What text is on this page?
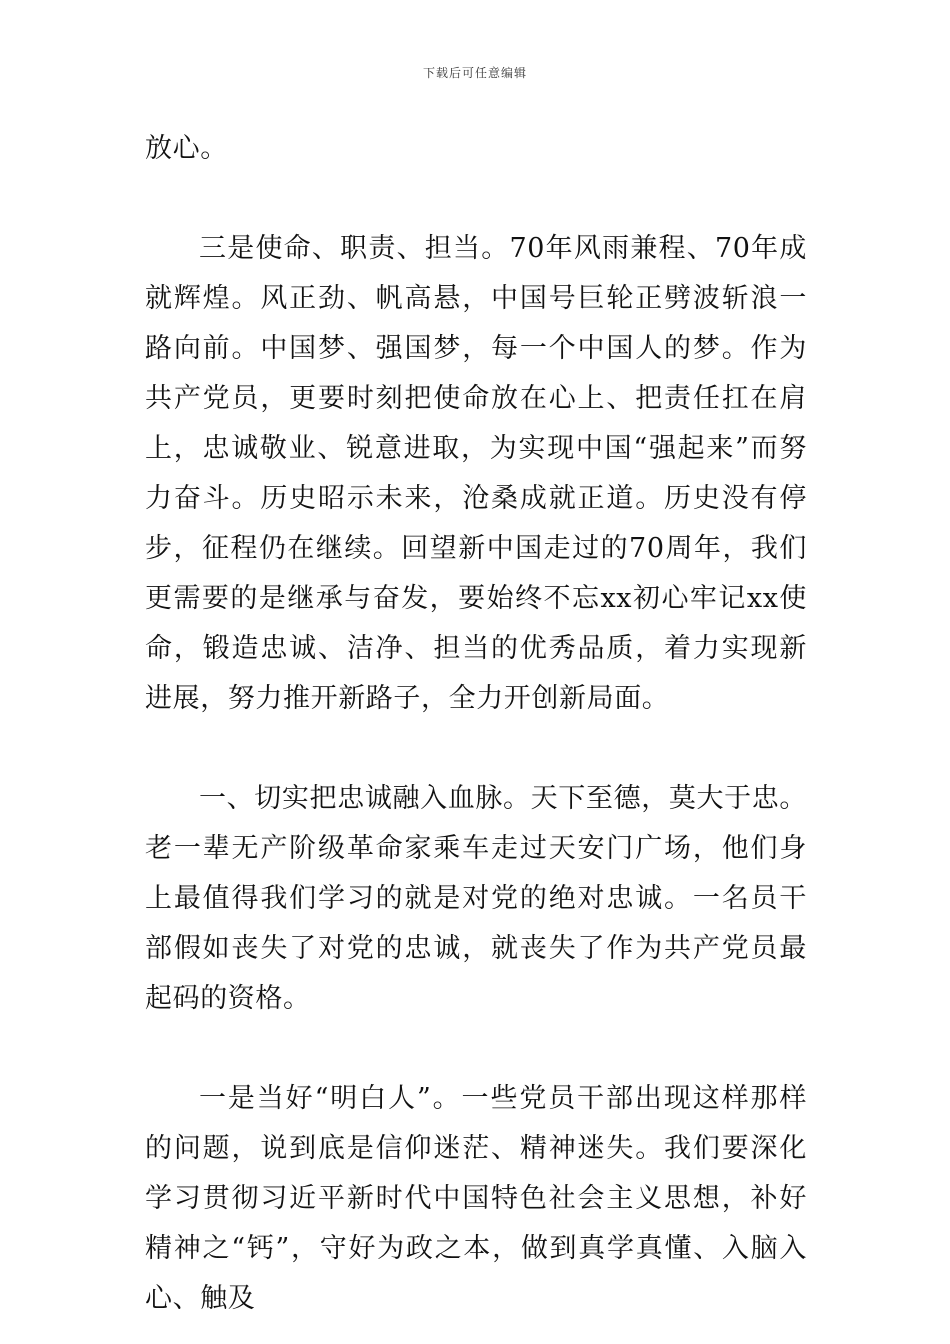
下载后可任意编辑

放心。

三是使命、职责、担当。70年风雨兼程、70年成就辉煌。风正劲、帆高悬，中国号巨轮正劈波斩浪一路向前。中国梦、强国梦，每一个中国人的梦。作为共产党员，更要时刻把使命放在心上、把责任扛在肩上，忠诚敬业、锐意进取，为实现中国“强起来”而努力奋斗。历史昭示未来，沧桑成就正道。历史没有停步，征程仍在继续。回望新中国走过的70周年，我们更需要的是继承与奋发，要始终不忘xx初心牢记xx使命，锻造忠诚、洁净、担当的优秀品质，着力实现新进展，努力推开新路子，全力开创新局面。

一、切实把忠诚融入血脉。天下至德，莫大于忠。老一辈无产阶级革命家乘车走过天安门广场，他们身上最值得我们学习的就是对党的绝对忠诚。一名员干部假如丧失了对党的忠诚，就丧失了作为共产党员最起码的资格。

一是当好“明白人”。一些党员干部出现这样那样的问题，说到底是信仰迷茫、精神迷失。我们要深化学习贯彻习近平新时代中国特色社会主义思想，补好精神之“钙”，守好为政之本，做到真学真懂、入脑入心、触及
